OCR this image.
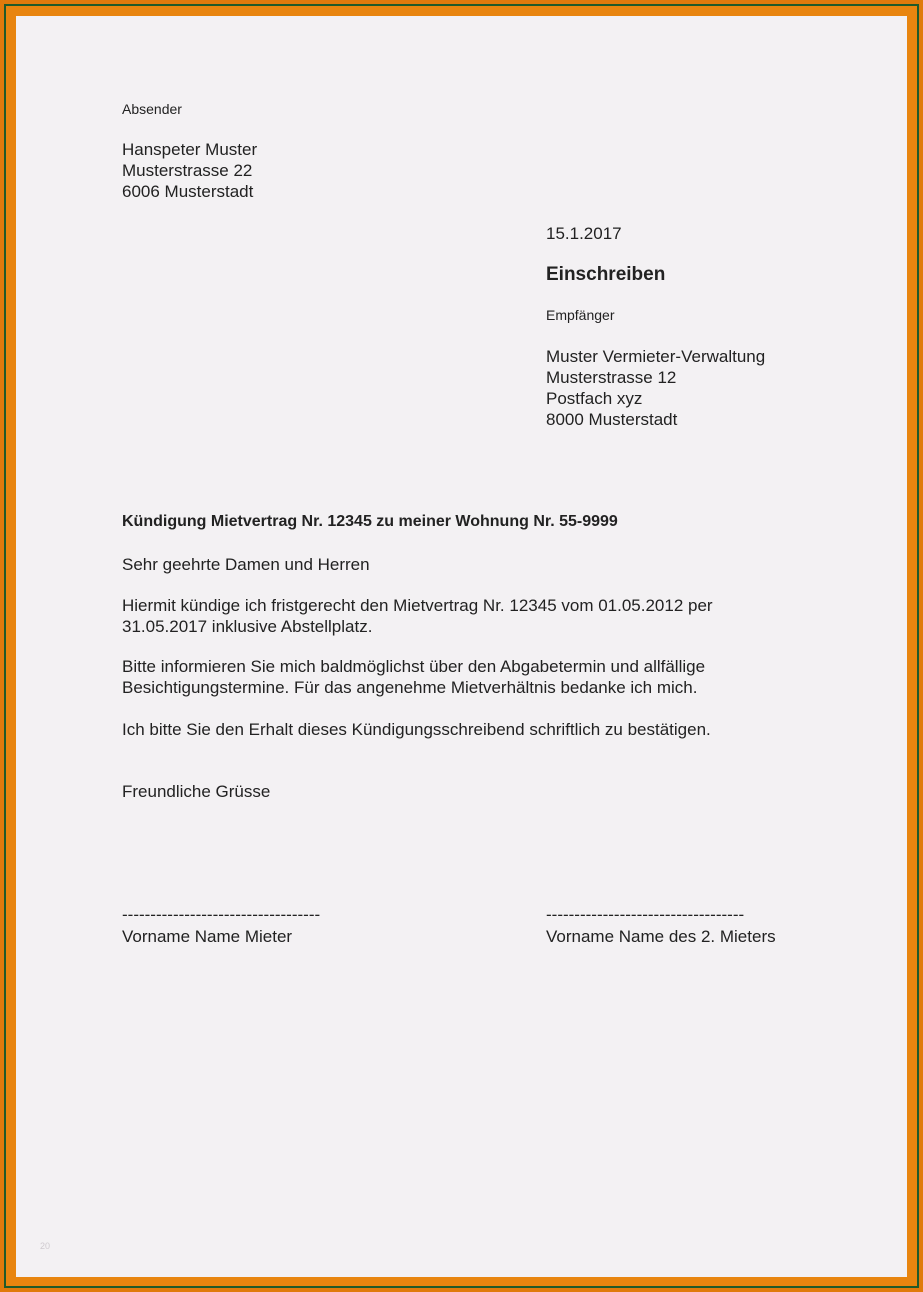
Absender

Hanspeter Muster

Musterstrasse 22

6006 Musterstadt

15.1.2017

Einschreiben

Empfänger

Muster Vermieter-Verwaltung

Musterstrasse 12

Postfach xyz

8000 Musterstadt

Kündigung Mietvertrag Nr. 12345 zu meiner Wohnung Nr. 55-9999

Sehr geehrte Damen und Herren

Hiermit kündige ich fristgerecht den Mietvertrag Nr. 12345 vom 01.05.2012 per

31.05.2017 inklusive Abstellplatz.

Bitte informieren Sie mich baldmöglichst über den Abgabetermin und allfällige

Besichtigungstermine. Für das angenehme Mietverhältnis bedanke ich mich.

Ich bitte Sie den Erhalt dieses Kündigungsschreibend schriftlich zu bestätigen.

Freundliche Grüsse

-----------------------------------

Vorname Name Mieter

-----------------------------------

Vorname Name des 2. Mieters

20
